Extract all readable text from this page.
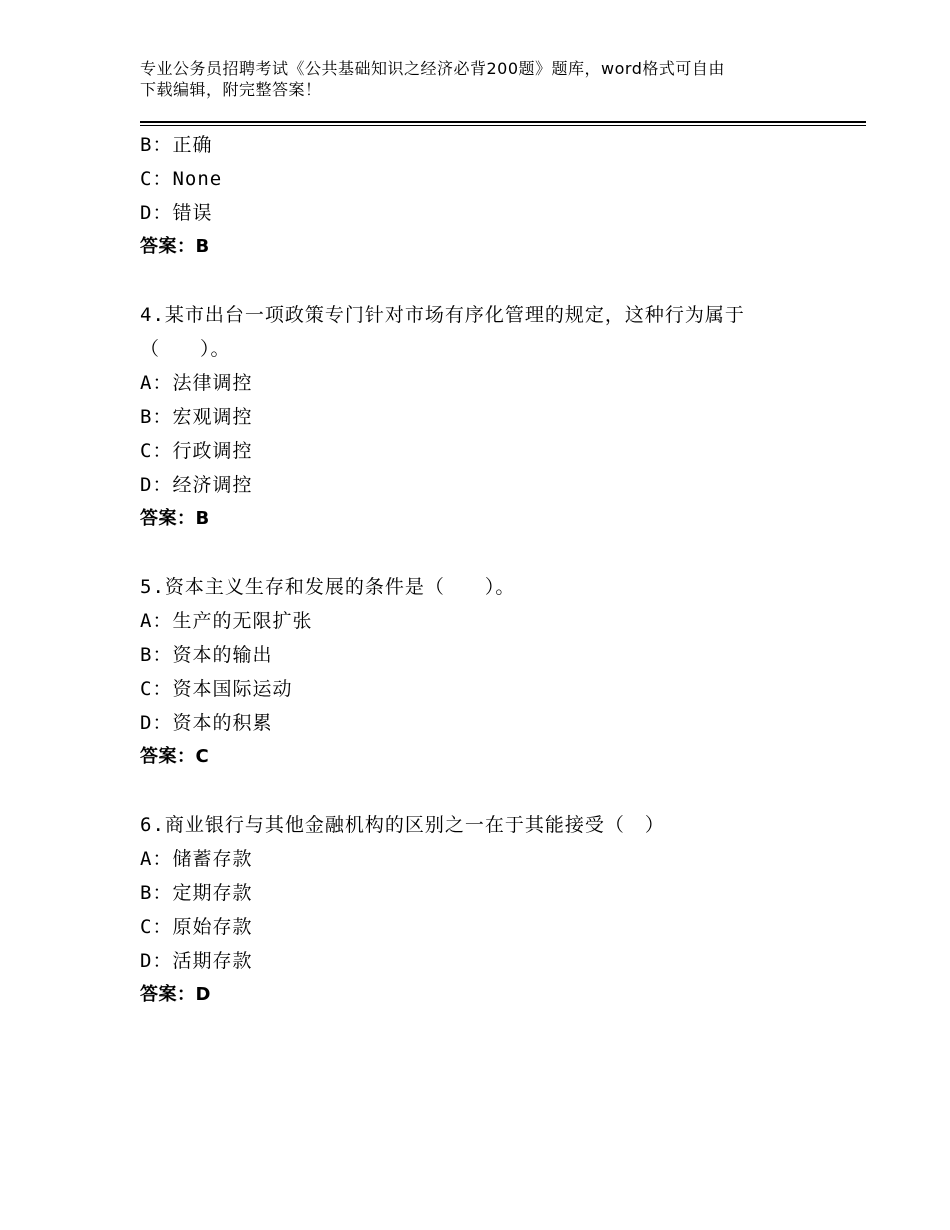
专业公务员招聘考试《公共基础知识之经济必背200题》题库，word格式可自由
下载编辑，附完整答案！
B：正确
C：None
D：错误
答案：B
4.某市出台一项政策专门针对市场有序化管理的规定，这种行为属于
（　　）。
A：法律调控
B：宏观调控
C：行政调控
D：经济调控
答案：B
5.资本主义生存和发展的条件是（　　）。
A：生产的无限扩张
B：资本的输出
C：资本国际运动
D：资本的积累
答案：C
6.商业银行与其他金融机构的区别之一在于其能接受（　）
A：储蓄存款
B：定期存款
C：原始存款
D：活期存款
答案：D
